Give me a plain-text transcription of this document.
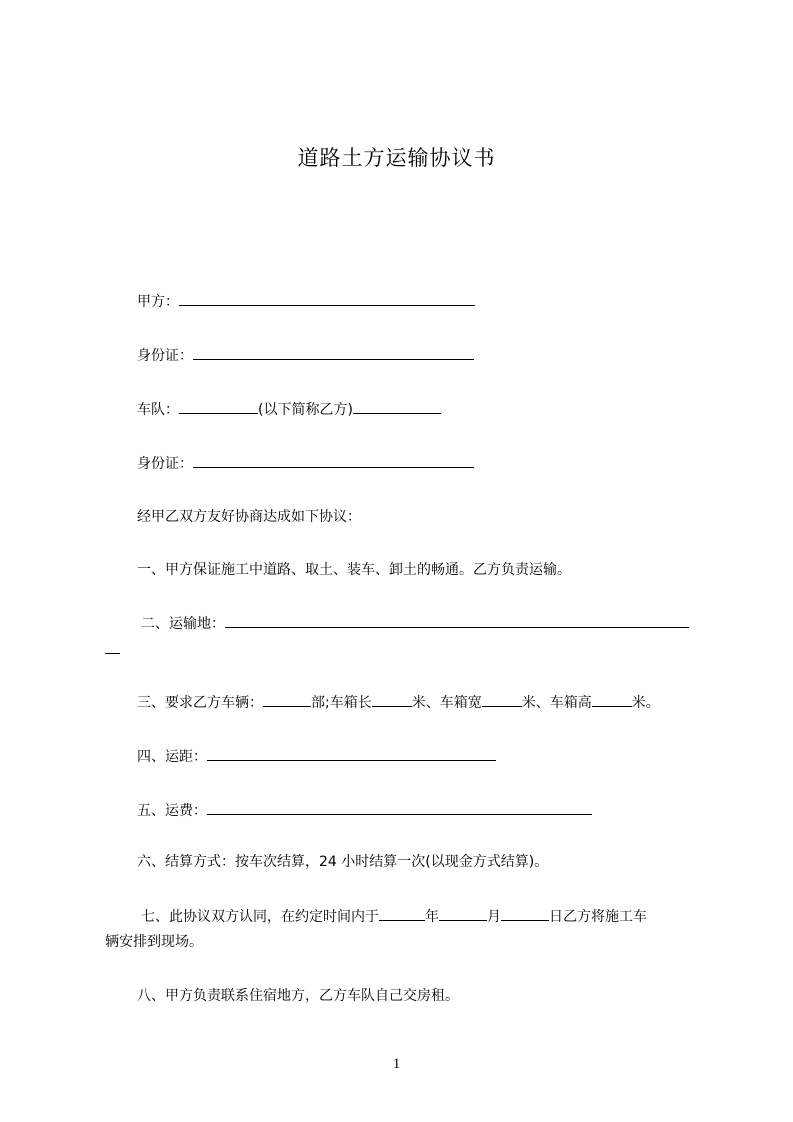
道路土方运输协议书
甲方：
身份证：
车队：	(以下简称乙方)
身份证：
经甲乙双方友好协商达成如下协议：
一、甲方保证施工中道路、取土、装车、卸土的畅通。乙方负责运输。
二、运输地：
三、要求乙方车辆：	部;车箱长	米、车箱宽	米、车箱高	米。
四、运距：
五、运费：
六、结算方式：按车次结算，24 小时结算一次(以现金方式结算)。
七、此协议双方认同，在约定时间内于	年	月	日乙方将施工车
辆安排到现场。
八、甲方负责联系住宿地方，乙方车队自己交房租。
1
